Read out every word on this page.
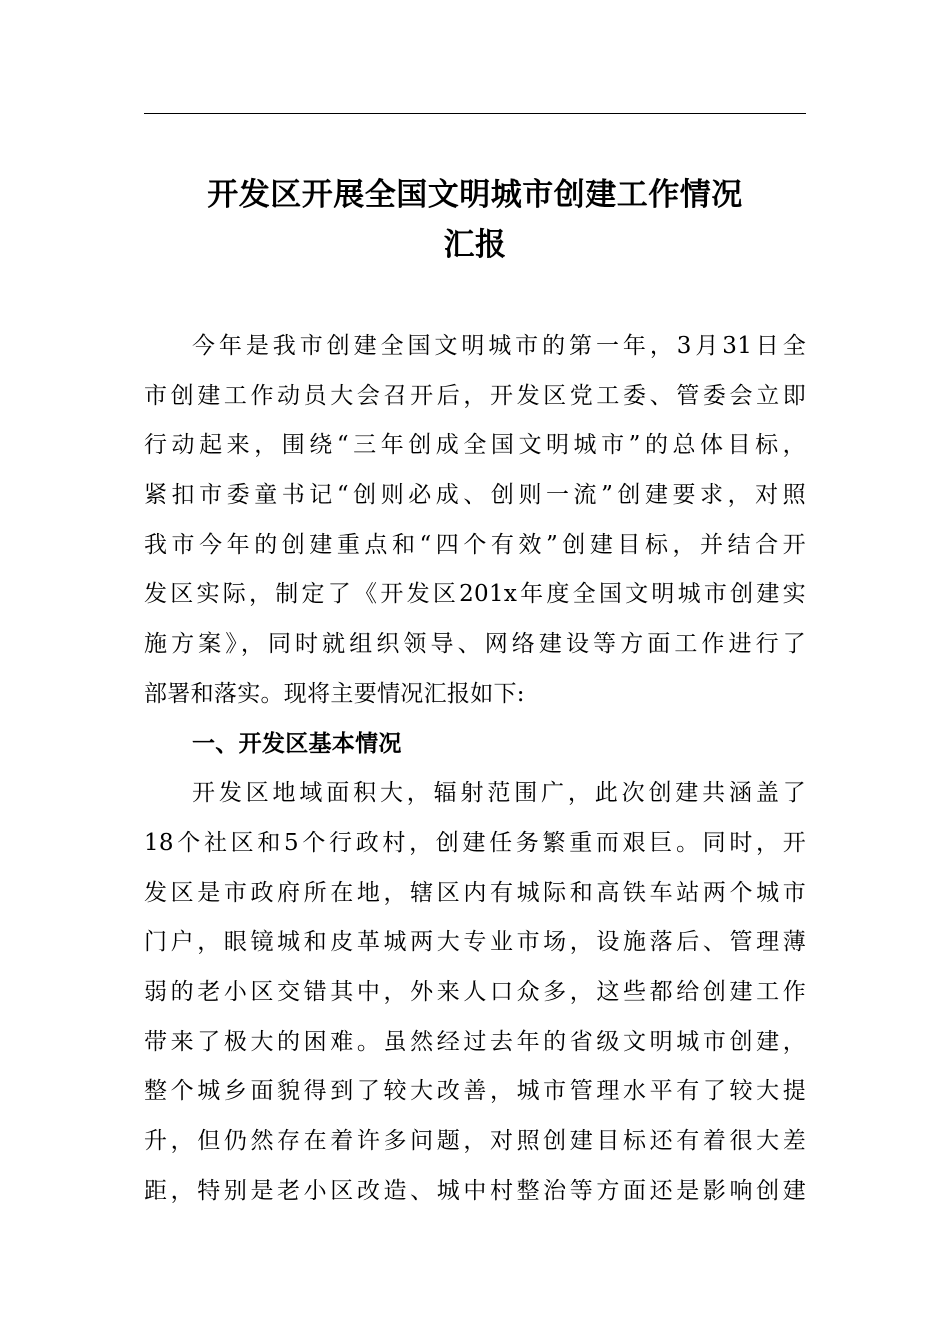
开发区开展全国文明城市创建工作情况
汇报
今年是我市创建全国文明城市的第一年，3月31日全
市创建工作动员大会召开后，开发区党工委、管委会立即
行动起来，围绕“三年创成全国文明城市”的总体目标，
紧扣市委童书记“创则必成、创则一流”创建要求，对照
我市今年的创建重点和“四个有效”创建目标，并结合开
发区实际，制定了《开发区201x年度全国文明城市创建实
施方案》，同时就组织领导、网络建设等方面工作进行了
部署和落实。现将主要情况汇报如下:
一、开发区基本情况
开发区地域面积大，辐射范围广，此次创建共涵盖了
18个社区和5个行政村，创建任务繁重而艰巨。同时，开
发区是市政府所在地，辖区内有城际和高铁车站两个城市
门户，眼镜城和皮革城两大专业市场，设施落后、管理薄
弱的老小区交错其中，外来人口众多，这些都给创建工作
带来了极大的困难。虽然经过去年的省级文明城市创建，
整个城乡面貌得到了较大改善，城市管理水平有了较大提
升，但仍然存在着许多问题，对照创建目标还有着很大差
距，特别是老小区改造、城中村整治等方面还是影响创建
